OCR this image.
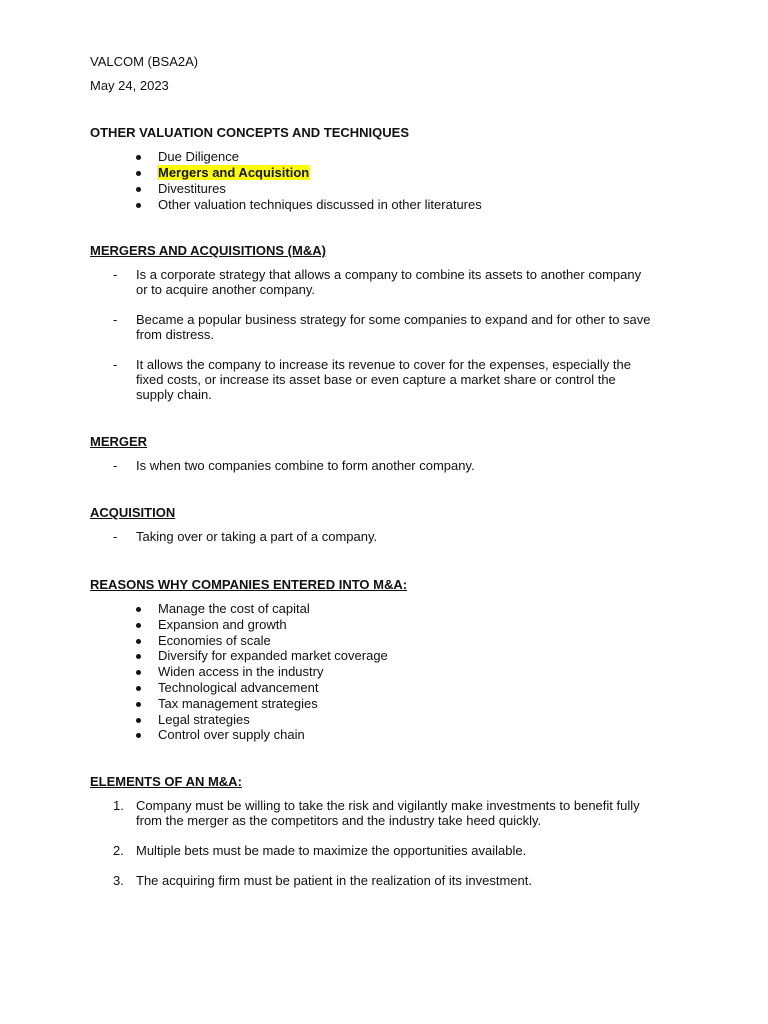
VALCOM (BSA2A)
May 24, 2023
OTHER VALUATION CONCEPTS AND TECHNIQUES
Due Diligence
Mergers and Acquisition
Divestitures
Other valuation techniques discussed in other literatures
MERGERS AND ACQUISITIONS (M&A)
- Is a corporate strategy that allows a company to combine its assets to another company
or to acquire another company.
- Became a popular business strategy for some companies to expand and for other to save
from distress.
- It allows the company to increase its revenue to cover for the expenses, especially the
fixed costs, or increase its asset base or even capture a market share or control the
supply chain.
MERGER
- Is when two companies combine to form another company.
ACQUISITION
- Taking over or taking a part of a company.
REASONS WHY COMPANIES ENTERED INTO M&A:
Manage the cost of capital
Expansion and growth
Economies of scale
Diversify for expanded market coverage
Widen access in the industry
Technological advancement
Tax management strategies
Legal strategies
Control over supply chain
ELEMENTS OF AN M&A:
1. Company must be willing to take the risk and vigilantly make investments to benefit fully
from the merger as the competitors and the industry take heed quickly.
2. Multiple bets must be made to maximize the opportunities available.
3. The acquiring firm must be patient in the realization of its investment.
